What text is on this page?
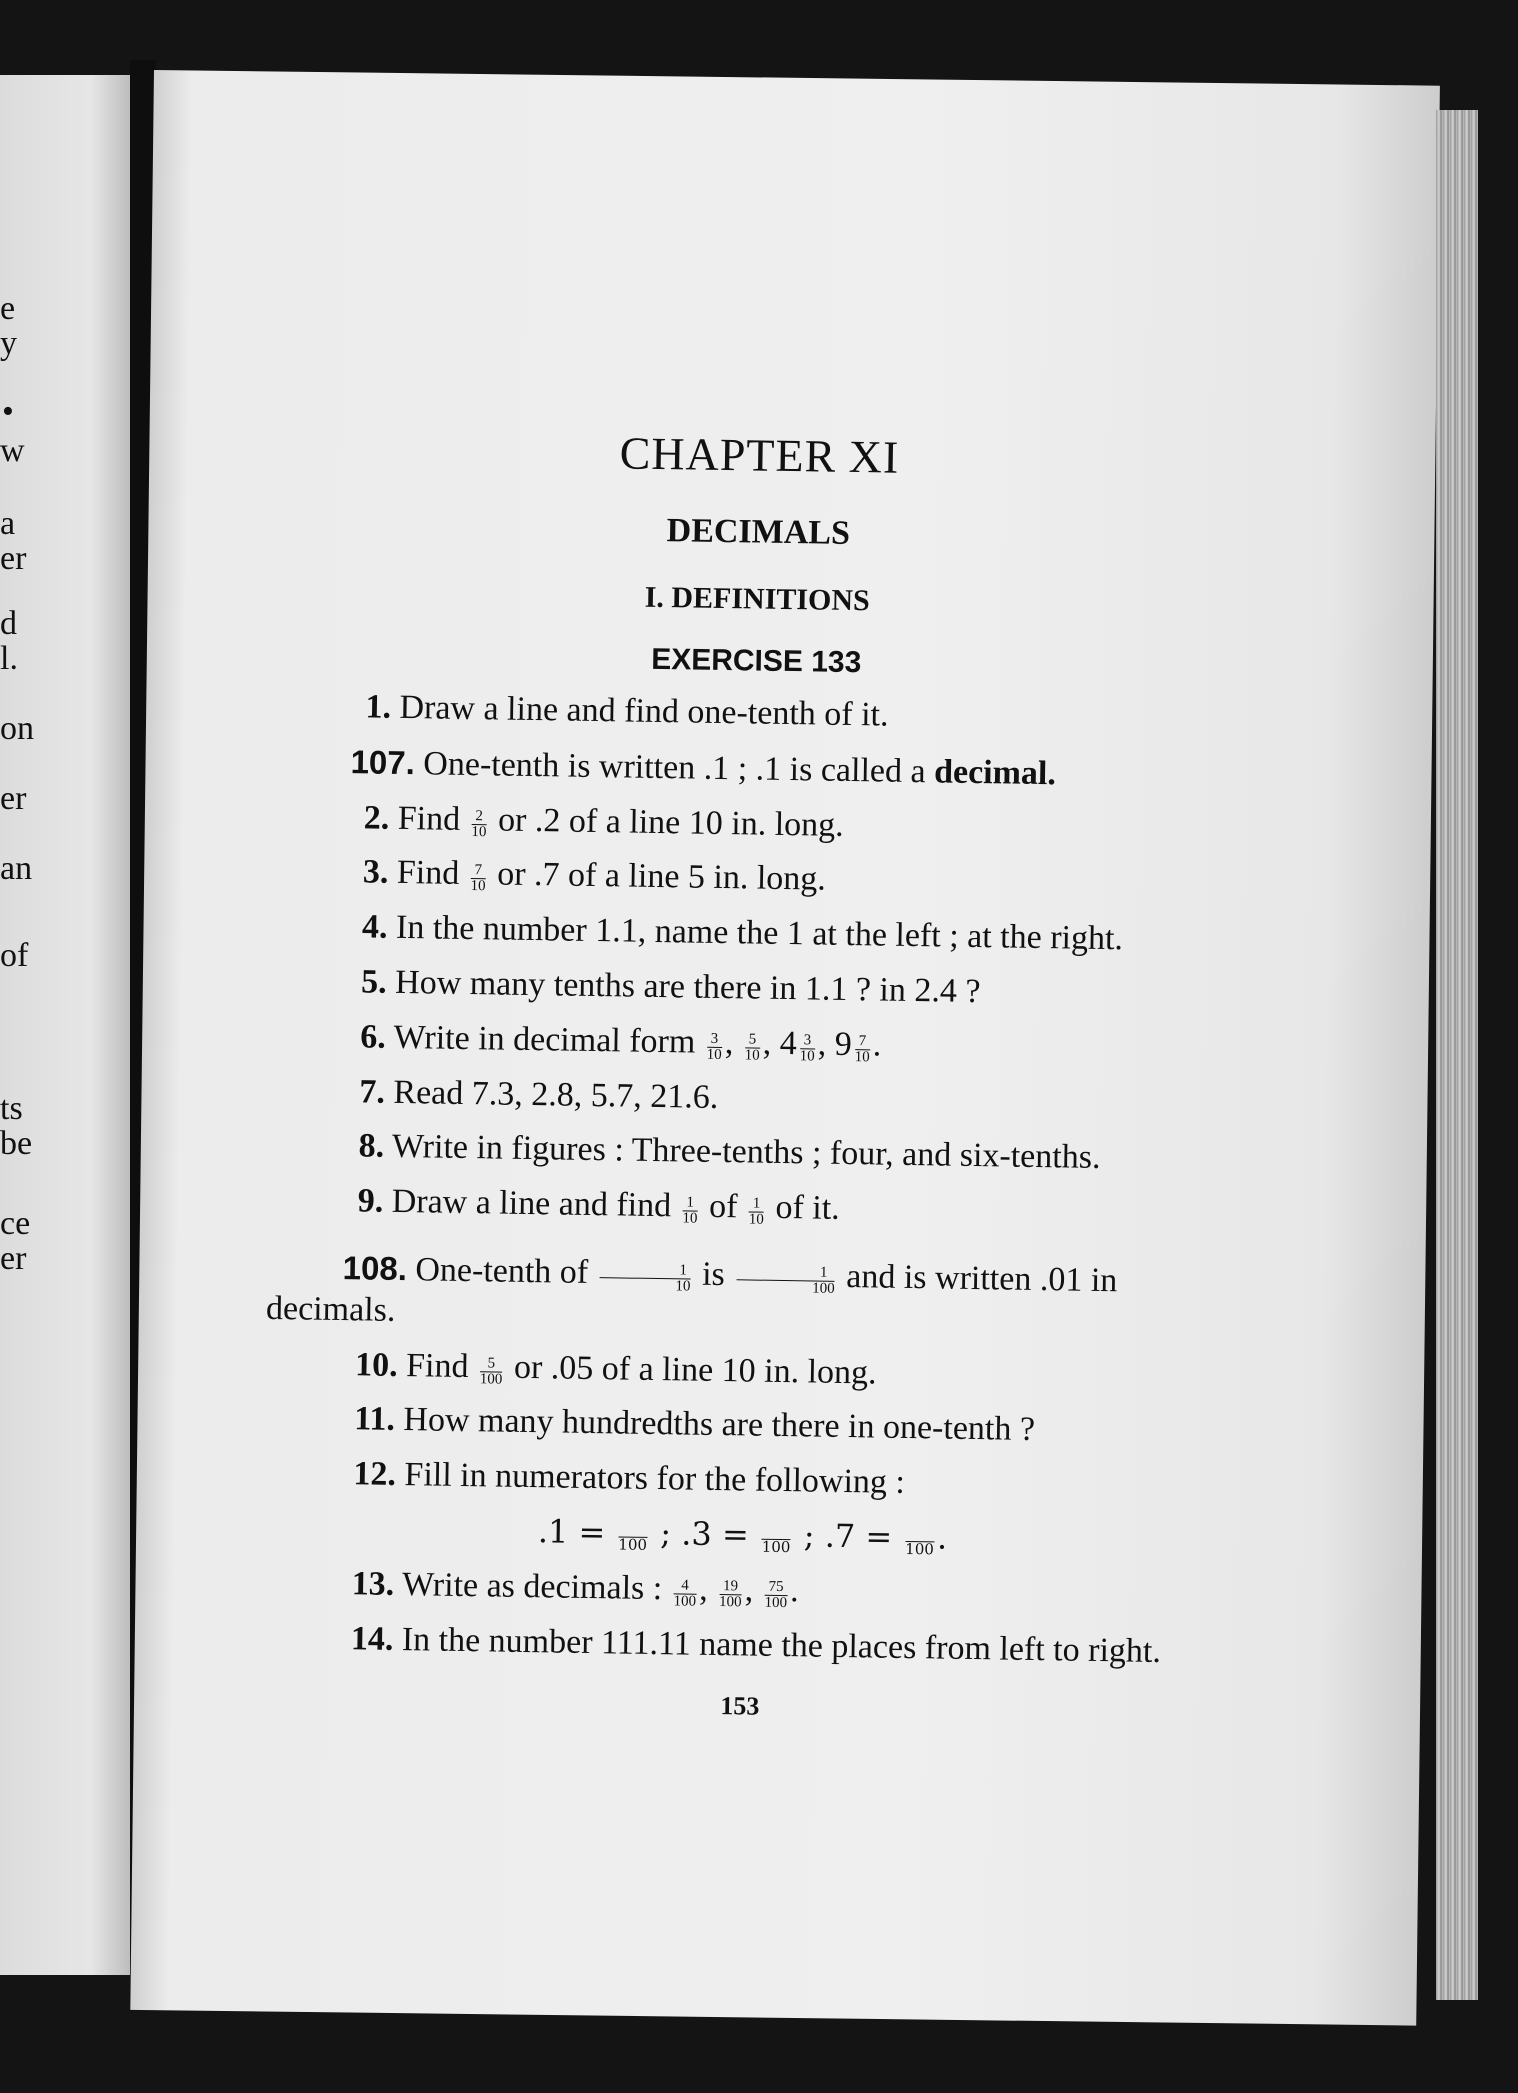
e
y
•
w
a
er
d
l.
on
er
an
of
ts
be
ce
er
CHAPTER XI
DECIMALS
I. DEFINITIONS
EXERCISE 133
1. Draw a line and find one-tenth of it.
107. One-tenth is written .1 ; .1 is called a decimal.
2. Find $\frac{2}{10}$ or .2 of a line 10 in. long.
3. Find $\frac{7}{10}$ or .7 of a line 5 in. long.
4. In the number 1.1, name the 1 at the left ; at the right.
5. How many tenths are there in 1.1 ? in 2.4 ?
6. Write in decimal form $\frac{3}{10}$ , $\frac{5}{10}$ , $4 \frac{3}{10}$ , $9 \frac{7}{10}$ .
7. Read 7.3, 2.8, 5.7, 21.6.
8. Write in figures : Three-tenths ; four, and six-tenths.
9. Draw a line and find $\frac{1}{10}$ of $\frac{1}{10}$ of it.
108. One-tenth of $\frac{1}{10}$ is $\frac{1}{100}$ and is written .01 in decimals.
10. Find $\frac{5}{100}$ or .05 of a line 10 in. long.
11. How many hundredths are there in one-tenth ?
12. Fill in numerators for the following :
.1 =
100 ; .3 =
100 ; .7 =
100 .
13. Write as decimals : $\frac{4}{100}$ , $\frac{19}{100}$ , $\frac{75}{100}$ .
14. In the number 111.11 name the places from left to right.
153
